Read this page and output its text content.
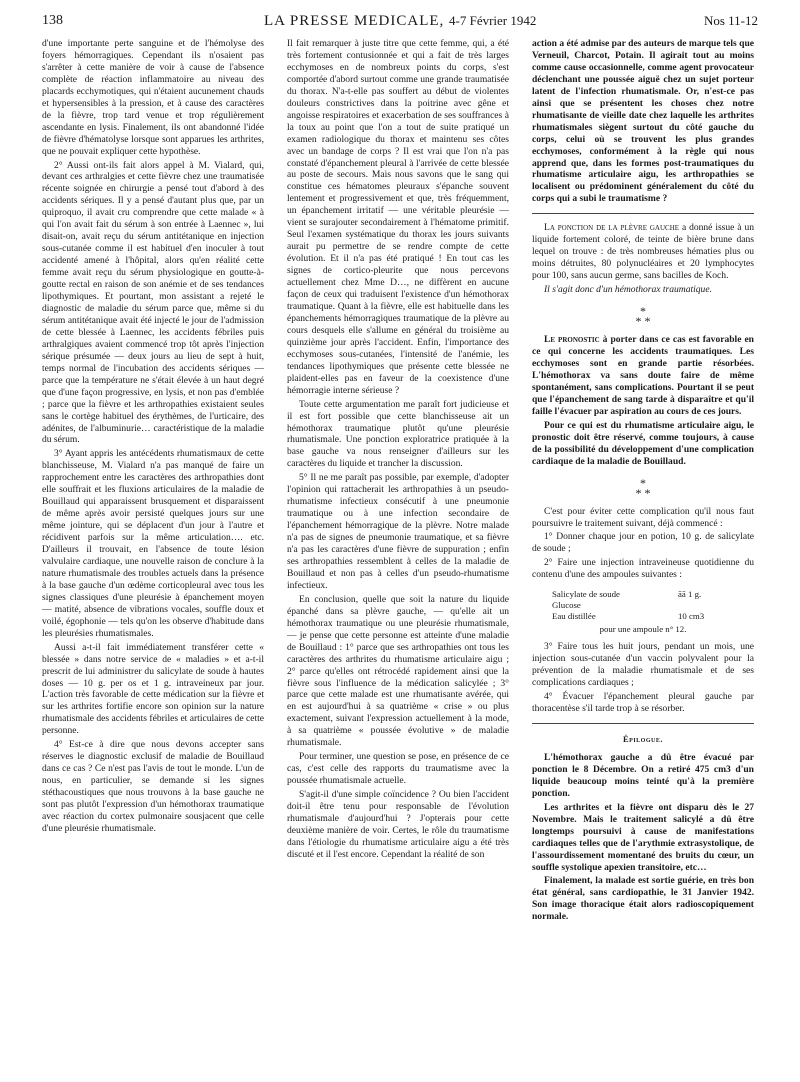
138	LA PRESSE MEDICALE, 4-7 Février 1942	Nos 11-12

d'une importante perte sanguine et de l'hémolyse des foyers hémorragiques. Cependant ils n'osaient pas s'arrêter à cette manière de voir à cause de l'absence complète de réaction inflammatoire au niveau des placards ecchymotiques, qui n'étaient aucunement chauds et hypersensibles à la pression, et à cause des caractères de la fièvre, trop tard venue et trop régulièrement ascendante en lysis. Finalement, ils ont abandonné l'idée de fièvre d'hématolyse lorsque sont apparues les arthrites, que ne pouvait expliquer cette hypothèse.

2° Aussi ont-ils fait alors appel à M. Vialard, qui, devant ces arthralgies et cette fièvre chez une traumatisée récente soignée en chirurgie a pensé tout d'abord à des accidents sériques. Il y a pensé d'autant plus que, par un quiproquo, il avait cru comprendre que cette malade « à qui l'on avait fait du sérum à son entrée à Laennec », lui disait-on, avait reçu du sérum antitétanique en injection sous-cutanée comme il est habituel d'en inoculer à tout accidenté amené à l'hôpital, alors qu'en réalité cette femme avait reçu du sérum physiologique en goutte-à-goutte rectal en raison de son anémie et de ses tendances lipothymiques. Et pourtant, mon assistant a rejeté le diagnostic de maladie du sérum parce que, même si du sérum antitétanique avait été injecté le jour de l'admission de cette blessée à Laennec, les accidents fébriles puis arthralgiques avaient commencé trop tôt après l'injection sérique présumée — deux jours au lieu de sept à huit, temps normal de l'incubation des accidents sériques — parce que la température ne s'était élevée à un haut degré que d'une façon progressive, en lysis, et non pas d'emblée ; parce que la fièvre et les arthropathies existaient seules sans le cortège habituel des érythèmes, de l'urticaire, des adénites, de l'albuminurie… caractéristique de la maladie du sérum.

3° Ayant appris les antécédents rhumatismaux de cette blanchisseuse, M. Vialard n'a pas manqué de faire un rapprochement entre les caractères des arthropathies dont elle souffrait et les fluxions articulaires de la maladie de Bouillaud qui apparaissent brusquement et disparaissent de même après avoir persisté quelques jours sur une même jointure, qui se déplacent d'un jour à l'autre et récidivent parfois sur la même articulation…. etc. D'ailleurs il trouvait, en l'absence de toute lésion valvulaire cardiaque, une nouvelle raison de conclure à la nature rhumatismale des troubles actuels dans la présence à la base gauche d'un œdème corticopleural avec tous les signes classiques d'une pleurésie à épanchement moyen — matité, absence de vibrations vocales, souffle doux et voilé, égophonie — tels qu'on les observe d'habitude dans les pleurésies rhumatismales.

Aussi a-t-il fait immédiatement transférer cette « blessée » dans notre service de « maladies » et a-t-il prescrit de lui administrer du salicylate de soude à hautes doses — 10 g. per os et 1 g. intraveineux par jour. L'action très favorable de cette médication sur la fièvre et sur les arthrites fortifie encore son opinion sur la nature rhumatismale des accidents fébriles et articulaires de cette personne.

4° Est-ce à dire que nous devons accepter sans réserves le diagnostic exclusif de maladie de Bouillaud dans ce cas ? Ce n'est pas l'avis de tout le monde. L'un de nous, en particulier, se demande si les signes stéthacoustiques que nous trouvons à la base gauche ne sont pas plutôt l'expression d'un hémothorax traumatique avec réaction du cortex pulmonaire sousjacent que celle d'une pleurésie rhumatismale.

Il fait remarquer à juste titre que cette femme, qui, a été très fortement contusionnée et qui a fait de très larges ecchymoses en de nombreux points du corps, s'est comportée d'abord surtout comme une grande traumatisée du thorax. N'a-t-elle pas souffert au début de violentes douleurs constrictives dans la poitrine avec gêne et angoisse respiratoires et exacerbation de ses souffrances à la toux au point que l'on a tout de suite pratiqué un examen radiologique du thorax et maintenu ses côtes avec un bandage de corps ? Il est vrai que l'on n'a pas constaté d'épanchement pleural à l'arrivée de cette blessée au poste de secours. Mais nous savons que le sang qui constitue ces hématomes pleuraux s'épanche souvent lentement et progressivement et que, très fréquemment, un épanchement irritatif — une véritable pleurésie — vient se surajouter secondairement à l'hématome primitif. Seul l'examen systématique du thorax les jours suivants aurait pu permettre de se rendre compte de cette évolution. Et il n'a pas été pratiqué ! En tout cas les signes de cortico-pleurite que nous percevons actuellement chez Mme D…, ne diffèrent en aucune façon de ceux qui traduisent l'existence d'un hémothorax traumatique. Quant à la fièvre, elle est habituelle dans les épanchements hémorragiques traumatique de la plèvre au cours desquels elle s'allume en général du troisième au quinzième jour après l'accident. Enfin, l'importance des ecchymoses sous-cutanées, l'intensité de l'anémie, les tendances lipothymiques que présente cette blessée ne plaident-elles pas en faveur de la coexistence d'une hémorragie interne sérieuse ?

Toute cette argumentation me paraît fort judicieuse et il est fort possible que cette blanchisseuse ait un hémothorax traumatique plutôt qu'une pleurésie rhumatismale. Une ponction exploratrice pratiquée à la base gauche va nous renseigner d'ailleurs sur les caractères du liquide et trancher la discussion.

5° Il ne me paraît pas possible, par exemple, d'adopter l'opinion qui rattacherait les arthropathies à un pseudo-rhumatisme infectieux consécutif à une pneumonie traumatique ou à une infection secondaire de l'épanchement hémorragique de la plèvre. Notre malade n'a pas de signes de pneumonie traumatique, et sa fièvre n'a pas les caractères d'une fièvre de suppuration ; enfin ses arthropathies ressemblent à celles de la maladie de Bouillaud et non pas à celles d'un pseudo-rhumatisme infectieux.

En conclusion, quelle que soit la nature du liquide épanché dans sa plèvre gauche, — qu'elle ait un hémothorax traumatique ou une pleurésie rhumatismale, — je pense que cette personne est atteinte d'une maladie de Bouillaud : 1° parce que ses arthropathies ont tous les caractères des arthrites du rhumatisme articulaire aigu ; 2° parce qu'elles ont rétrocédé rapidement ainsi que la fièvre sous l'influence de la médication salicylée ; 3° parce que cette malade est une rhumatisante avérée, qui en est aujourd'hui à sa quatrième « crise » ou plus exactement, suivant l'expression actuellement à la mode, à sa quatrième « poussée évolutive » de maladie rhumatismale.

Pour terminer, une question se pose, en présence de ce cas, c'est celle des rapports du traumatisme avec la poussée rhumatismale actuelle.

S'agit-il d'une simple coïncidence ? Ou bien l'accident doit-il être tenu pour responsable de l'évolution rhumatismale d'aujourd'hui ? J'opterais pour cette deuxième manière de voir. Certes, le rôle du traumatisme dans l'étiologie du rhumatisme articulaire aigu a été très discuté et il l'est encore. Cependant la réalité de son

action a été admise par des auteurs de marque tels que Verneuil, Charcot, Potain. Il agirait tout au moins comme cause occasionnelle, comme agent provocateur déclenchant une poussée aiguë chez un sujet porteur latent de l'infection rhumatismale. Or, n'est-ce pas ainsi que se présentent les choses chez notre rhumatisante de vieille date chez laquelle les arthrites rhumatismales siègent surtout du côté gauche du corps, celui où se trouvent les plus grandes ecchymoses, conformément à la règle qui nous apprend que, dans les formes post-traumatiques du rhumatisme articulaire aigu, les arthropathies se localisent ou prédominent généralement du côté du corps qui a subi le traumatisme ?

La ponction de la plèvre gauche a donné issue à un liquide fortement coloré, de teinte de bière brune dans lequel on trouve : de très nombreuses hématies plus ou moins détruites, 80 polynucléaires et 20 lymphocytes pour 100, sans aucun germe, sans bacilles de Koch.

Il s'agit donc d'un hémothorax traumatique.

*
* *

Le pronostic à porter dans ce cas est favorable en ce qui concerne les accidents traumatiques. Les ecchymoses sont en grande partie résorbées. L'hémothorax va sans doute faire de même spontanément, sans complications. Pourtant il se peut que l'épanchement de sang tarde à disparaître et qu'il faille l'évacuer par aspiration au cours de ces jours.

Pour ce qui est du rhumatisme articulaire aigu, le pronostic doit être réservé, comme toujours, à cause de la possibilité du développement d'une complication cardiaque de la maladie de Bouillaud.

*
* *

C'est pour éviter cette complication qu'il nous faut poursuivre le traitement suivant, déjà commencé :

1° Donner chaque jour en potion, 10 g. de salicylate de soude ;

2° Faire une injection intraveineuse quotidienne du contenu d'une des ampoules suivantes :

Salicylate de soude	āā 1 g.
Glucose
Eau distillée	10 cm3
pour une ampoule n° 12.

3° Faire tous les huit jours, pendant un mois, une injection sous-cutanée d'un vaccin polyvalent pour la prévention de la maladie rhumatismale et de ses complications cardiaques ;

4° Évacuer l'épanchement pleural gauche par thoracentèse s'il tarde trop à se résorber.

Épilogue.

L'hémothorax gauche a dû être évacué par ponction le 8 Décembre. On a retiré 475 cm3 d'un liquide beaucoup moins teinté qu'à la première ponction.

Les arthrites et la fièvre ont disparu dès le 27 Novembre. Mais le traitement salicylé a dû être longtemps poursuivi à cause de manifestations cardiaques telles que de l'arythmie extrasystolique, de l'assourdissement momentané des bruits du cœur, un souffle systolique apexien transitoire, etc…

Finalement, la malade est sortie guérie, en très bon état général, sans cardiopathie, le 31 Janvier 1942. Son image thoracique était alors radioscopiquement normale.
